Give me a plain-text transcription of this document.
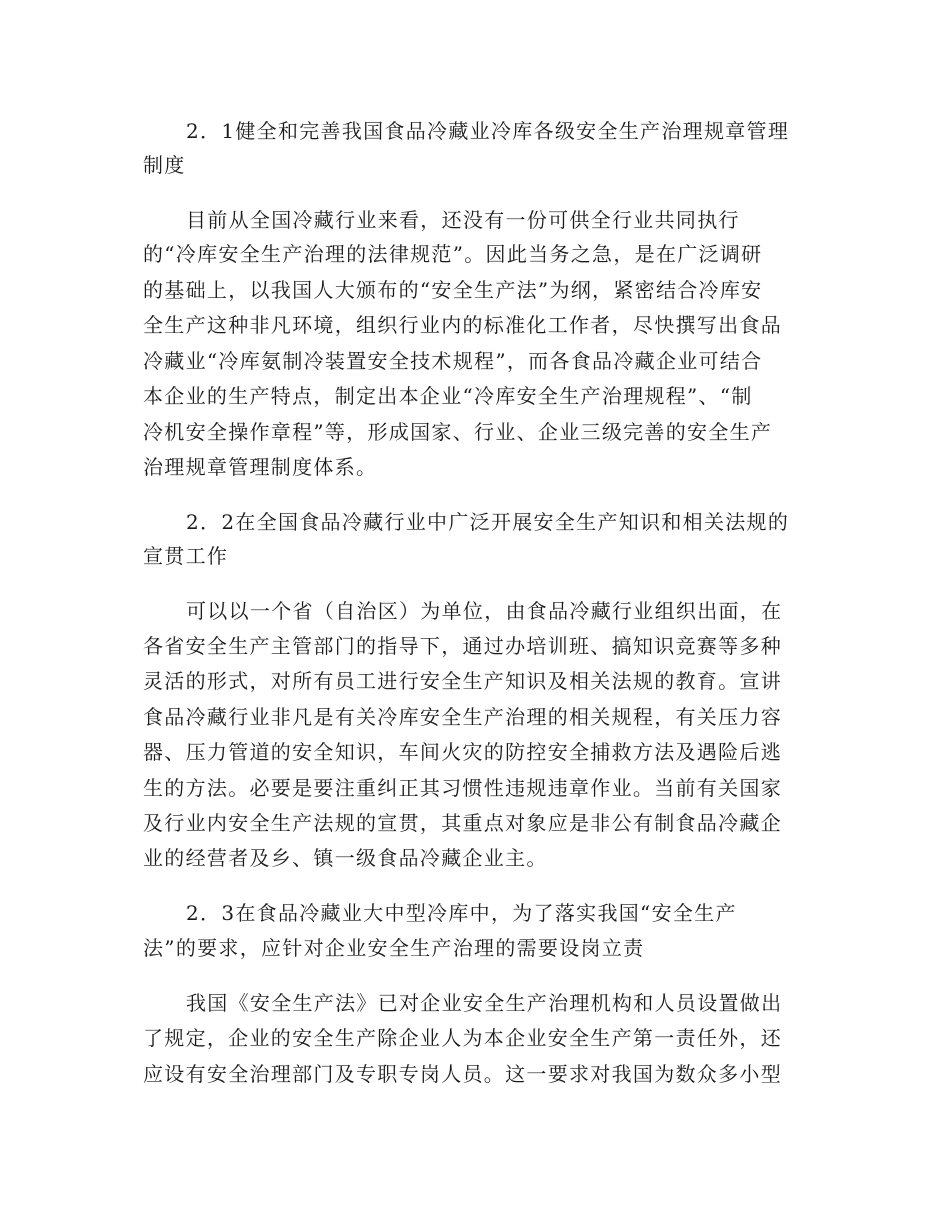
2．1健全和完善我国食品冷藏业冷库各级安全生产治理规章管理
制度
目前从全国冷藏行业来看，还没有一份可供全行业共同执行
的“冷库安全生产治理的法律规范”。因此当务之急，是在广泛调研
的基础上，以我国人大颁布的“安全生产法”为纲，紧密结合冷库安
全生产这种非凡环境，组织行业内的标准化工作者，尽快撰写出食品
冷藏业“冷库氨制冷装置安全技术规程”，而各食品冷藏企业可结合
本企业的生产特点，制定出本企业“冷库安全生产治理规程”、“制
冷机安全操作章程”等，形成国家、行业、企业三级完善的安全生产
治理规章管理制度体系。
2．2在全国食品冷藏行业中广泛开展安全生产知识和相关法规的
宣贯工作
可以以一个省（自治区）为单位，由食品冷藏行业组织出面，在
各省安全生产主管部门的指导下，通过办培训班、搞知识竞赛等多种
灵活的形式，对所有员工进行安全生产知识及相关法规的教育。宣讲
食品冷藏行业非凡是有关冷库安全生产治理的相关规程，有关压力容
器、压力管道的安全知识，车间火灾的防控安全捕救方法及遇险后逃
生的方法。必要是要注重纠正其习惯性违规违章作业。当前有关国家
及行业内安全生产法规的宣贯，其重点对象应是非公有制食品冷藏企
业的经营者及乡、镇一级食品冷藏企业主。
2．3在食品冷藏业大中型冷库中，为了落实我国“安全生产
法”的要求，应针对企业安全生产治理的需要设岗立责
我国《安全生产法》已对企业安全生产治理机构和人员设置做出
了规定，企业的安全生产除企业人为本企业安全生产第一责任外，还
应设有安全治理部门及专职专岗人员。这一要求对我国为数众多小型
